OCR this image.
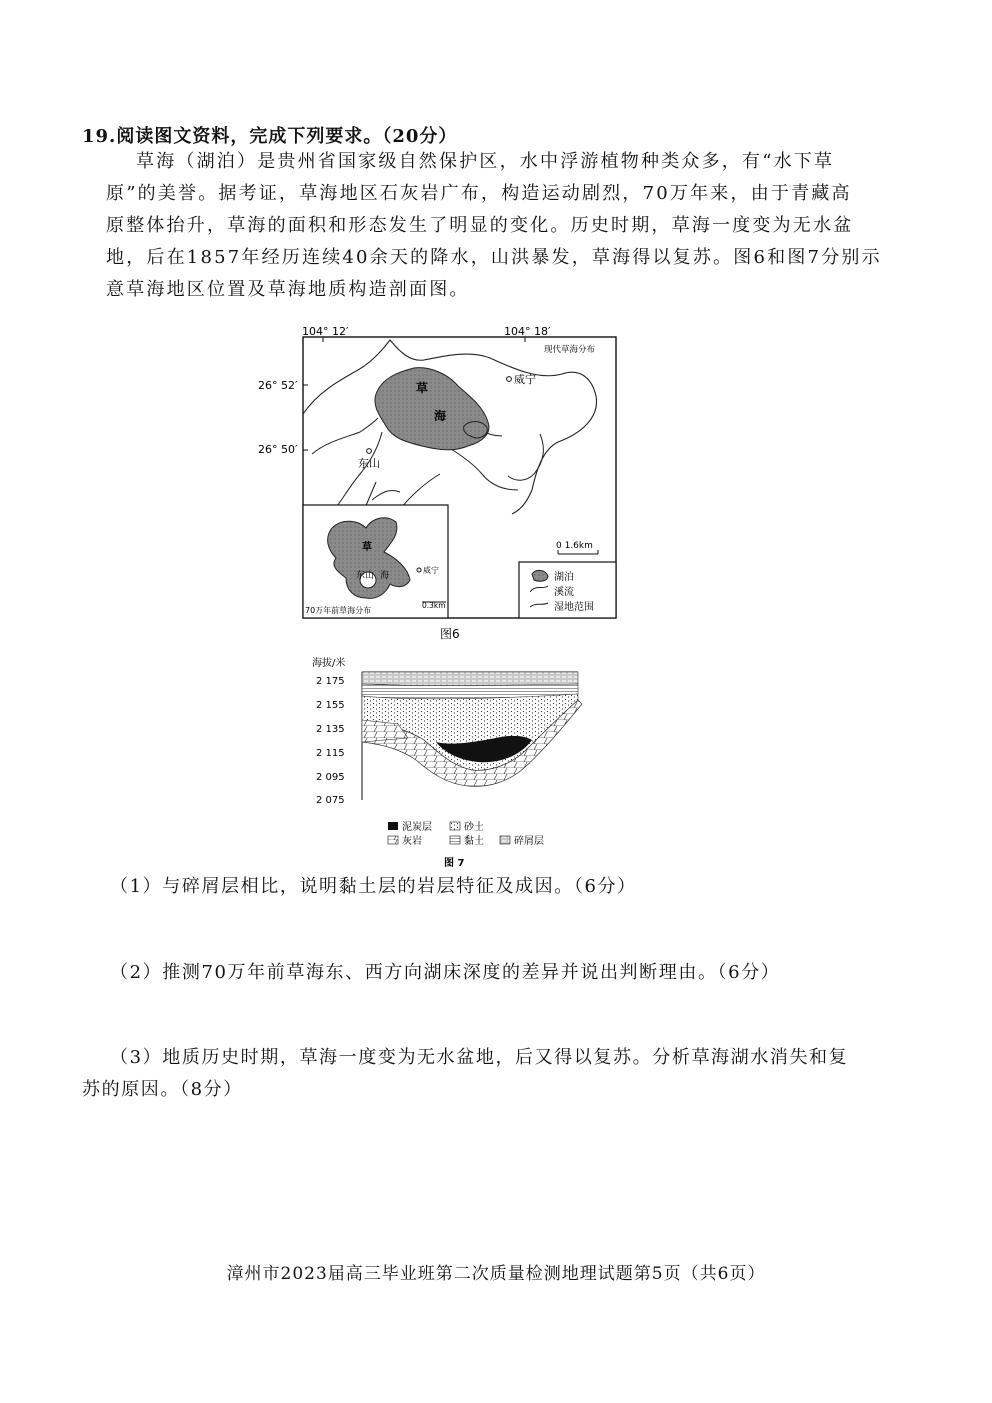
19.阅读图文资料，完成下列要求。（20分）
草海（湖泊）是贵州省国家级自然保护区，水中浮游植物种类众多，有“水下草
原”的美誉。据考证，草海地区石灰岩广布，构造运动剧烈，70万年来，由于青藏高
原整体抬升，草海的面积和形态发生了明显的变化。历史时期，草海一度变为无水盆
地，后在1857年经历连续40余天的降水，山洪暴发，草海得以复苏。图6和图7分别示
意草海地区位置及草海地质构造剖面图。
104° 12′	104° 18′
26° 52′
26° 50′
现代草海分布
草
海
威宁
东山
0 1.6km
草
东山 海
威宁
70万年前草海分布
0.3km
湖泊
溪流
湿地范围
图6
海拔/米
2 175
2 155
2 135
2 115
2 095
2 075
泥炭层	砂土
灰岩	黏土	碎屑层
图 7
（1）与碎屑层相比，说明黏土层的岩层特征及成因。（6分）
（2）推测70万年前草海东、西方向湖床深度的差异并说出判断理由。（6分）
（3）地质历史时期，草海一度变为无水盆地，后又得以复苏。分析草海湖水消失和复
苏的原因。（8分）
漳州市2023届高三毕业班第二次质量检测地理试题第5页（共6页）
